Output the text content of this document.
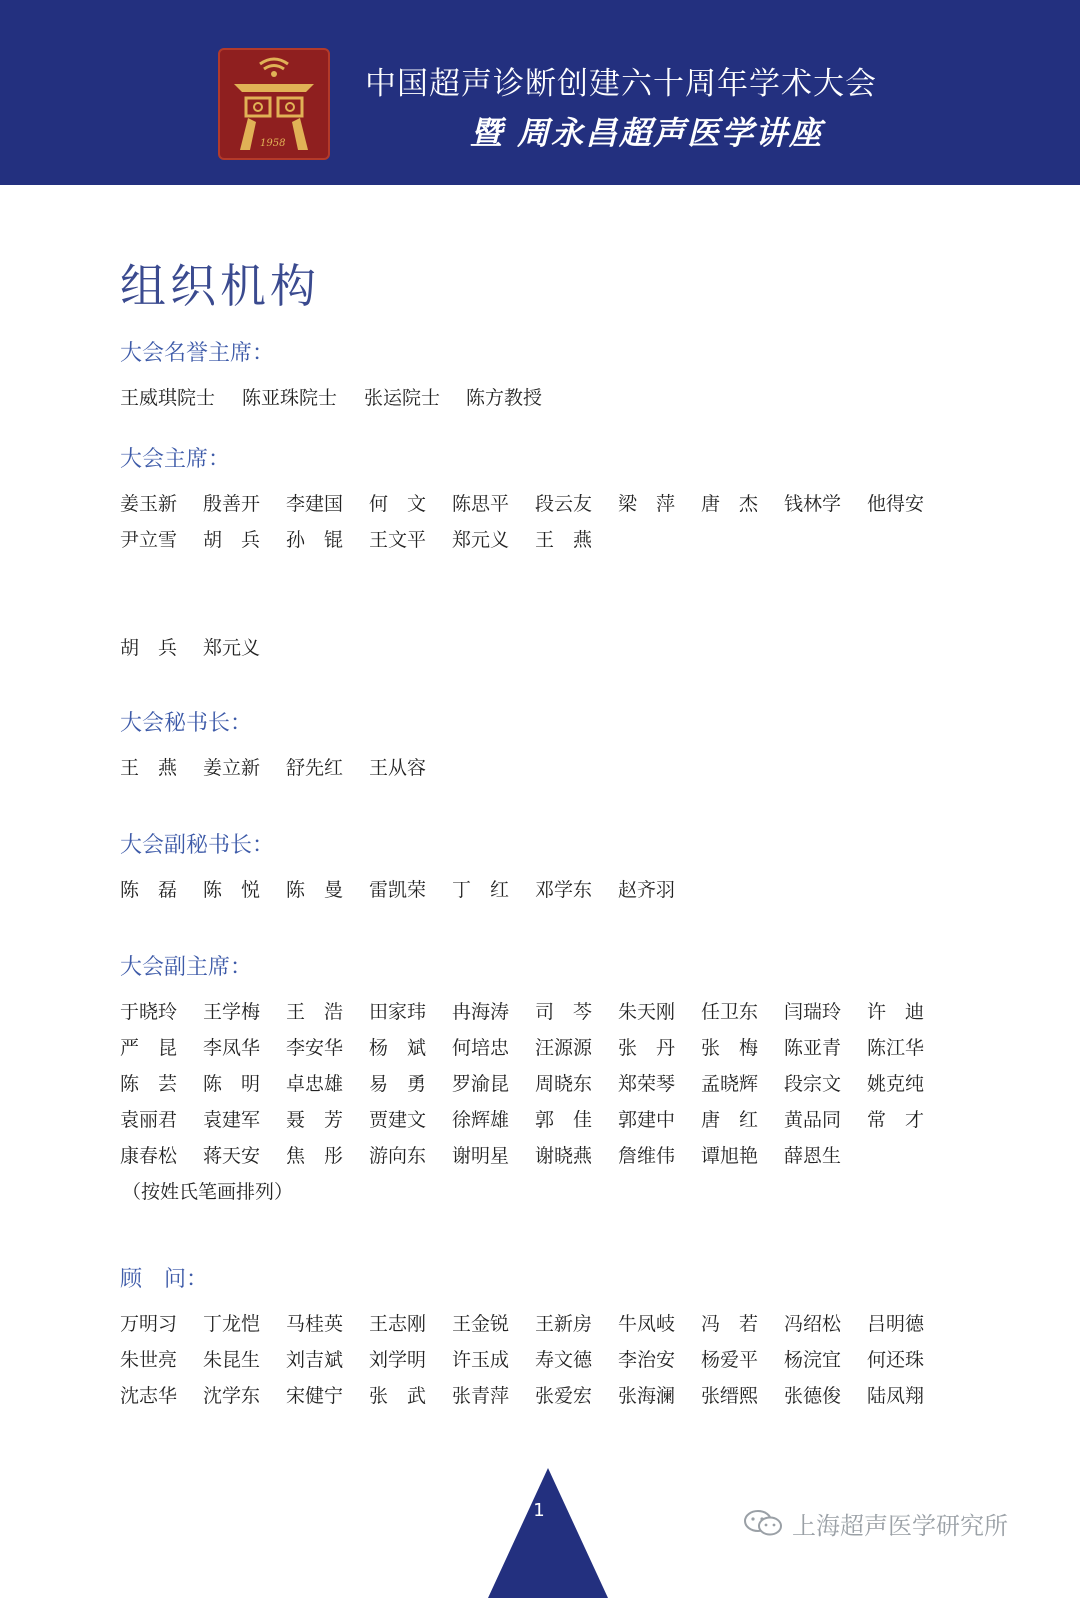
1958
中国超声诊断创建六十周年学术大会
暨 周永昌超声医学讲座
组织机构
大会名誉主席：
王威琪院士	陈亚珠院士	张运院士	陈方教授
大会主席：
姜玉新	殷善开	李建国	何　文	陈思平	段云友	梁　萍	唐　杰	钱林学	他得安
尹立雪	胡　兵	孙　锟	王文平	郑元义	王　燕
胡　兵	郑元义
大会秘书长：
王　燕	姜立新	舒先红	王从容
大会副秘书长：
陈　磊	陈　悦	陈　曼	雷凯荣	丁　红	邓学东	赵齐羽
大会副主席：
于晓玲	王学梅	王　浩	田家玮	冉海涛	司　芩	朱天刚	任卫东	闫瑞玲	许　迪
严　昆	李凤华	李安华	杨　斌	何培忠	汪源源	张　丹	张　梅	陈亚青	陈江华
陈　芸	陈　明	卓忠雄	易　勇	罗渝昆	周晓东	郑荣琴	孟晓辉	段宗文	姚克纯
袁丽君	袁建军	聂　芳	贾建文	徐辉雄	郭　佳	郭建中	唐　红	黄品同	常　才
康春松	蒋天安	焦　彤	游向东	谢明星	谢晓燕	詹维伟	谭旭艳	薛恩生
（按姓氏笔画排列）
顾　问：
万明习	丁龙恺	马桂英	王志刚	王金锐	王新房	牛凤岐	冯　若	冯绍松	吕明德
朱世亮	朱昆生	刘吉斌	刘学明	许玉成	寿文德	李治安	杨爱平	杨浣宜	何还珠
沈志华	沈学东	宋健宁	张　武	张青萍	张爱宏	张海澜	张缙熙	张德俊	陆凤翔
1
上海超声医学研究所
